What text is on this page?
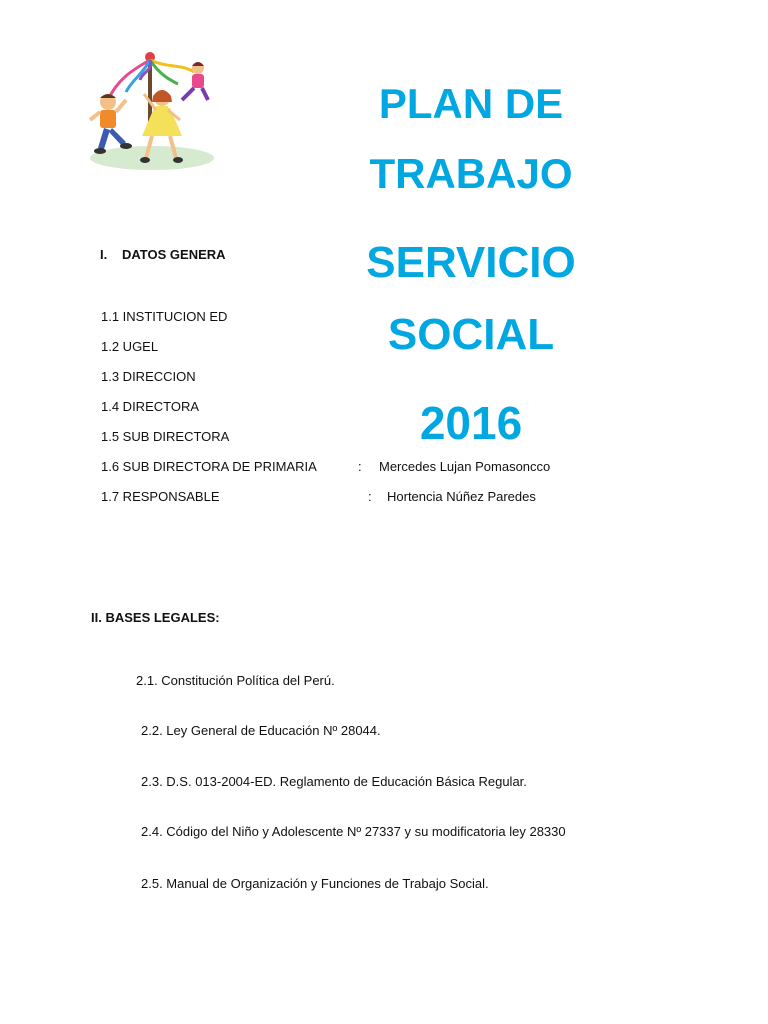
PLAN DE
TRABAJO
SERVICIO
SOCIAL
2016
I. DATOS GENERA
1.1 INSTITUCION ED
1.2 UGEL
1.3 DIRECCION
1.4 DIRECTORA
1.5 SUB DIRECTORA
1.6 SUB DIRECTORA DE PRIMARIA	: Mercedes Lujan Pomasoncco
1.7 RESPONSABLE	: Hortencia Núñez Paredes
II. BASES LEGALES:
2.1. Constitución Política del Perú.
2.2. Ley General de Educación Nº 28044.
2.3. D.S. 013-2004-ED. Reglamento de Educación Básica Regular.
2.4. Código del Niño y Adolescente Nº 27337 y su modificatoria ley 28330
2.5. Manual de Organización y Funciones de Trabajo Social.
